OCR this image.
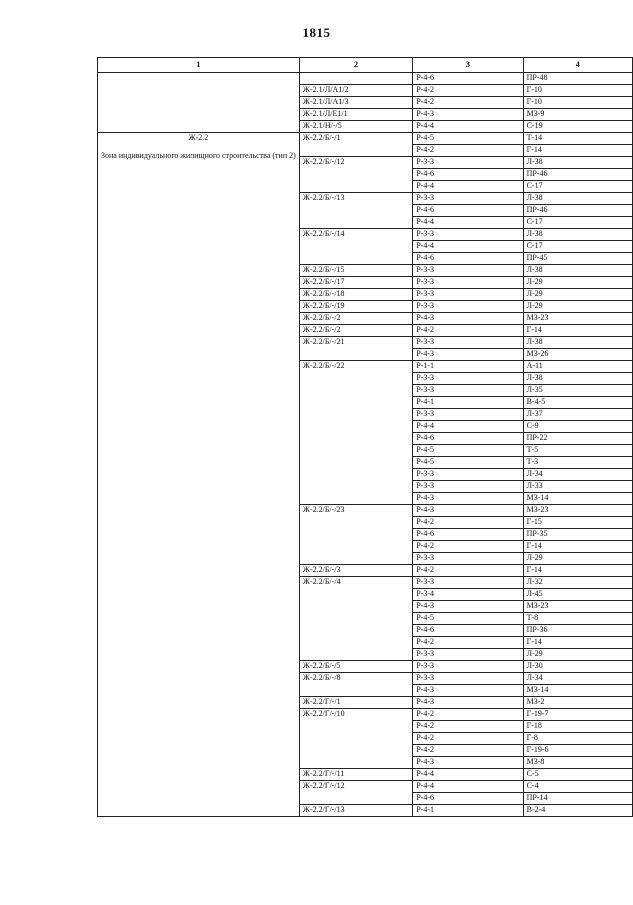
1815
1	2	3	4
		Р-4-6	ПР-48
	Ж-2.1/Л/А1/2	Р-4-2	Г-10
	Ж-2.1/Л/А1/3	Р-4-2	Г-10
	Ж-2.1/Л/Е1/1	Р-4-3	МЗ-9
	Ж-2.1/Н/-/5	Р-4-4	С-19

Ж-2.2
Зона индивидуального жилищного строительства (тип 2)	Ж-2.2/Б/-/1	Р-4-5	Т-14
		Р-4-2	Г-14
	Ж-2.2/Б/-/12	Р-3-3	Л-38
		Р-4-6	ПР-46
		Р-4-4	С-17
	Ж-2.2/Б/-/13	Р-3-3	Л-38
		Р-4-6	ПР-46
		Р-4-4	С-17
	Ж-2.2/Б/-/14	Р-3-3	Л-38
		Р-4-4	С-17
		Р-4-6	ПР-45
	Ж-2.2/Б/-/15	Р-3-3	Л-38
	Ж-2.2/Б/-/17	Р-3-3	Л-29
	Ж-2.2/Б/-/18	Р-3-3	Л-29
	Ж-2.2/Б/-/19	Р-3-3	Л-29
	Ж-2.2/Б/-/2	Р-4-3	МЗ-23
	Ж-2.2/Б/-/2	Р-4-2	Г-14
	Ж-2.2/Б/-/21	Р-3-3	Л-38
		Р-4-3	МЗ-26
	Ж-2.2/Б/-/22	Р-1-1	А-11
		Р-3-3	Л-38
		Р-3-3	Л-35
		Р-4-1	В-4-5
		Р-3-3	Л-37
		Р-4-4	С-9
		Р-4-6	ПР-22
		Р-4-5	Т-5
		Р-4-5	Т-3
		Р-3-3	Л-34
		Р-3-3	Л-33
		Р-4-3	МЗ-14
	Ж-2.2/Б/-/23	Р-4-3	МЗ-23
		Р-4-2	Г-15
		Р-4-6	ПР-35
		Р-4-2	Г-14
		Р-3-3	Л-29
	Ж-2.2/Б/-/3	Р-4-2	Г-14
	Ж-2.2/Б/-/4	Р-3-3	Л-32
		Р-3-4	Л-45
		Р-4-3	МЗ-23
		Р-4-5	Т-8
		Р-4-6	ПР-36
		Р-4-2	Г-14
		Р-3-3	Л-29
	Ж-2.2/Б/-/5	Р-3-3	Л-30
	Ж-2.2/Б/-/8	Р-3-3	Л-34
		Р-4-3	МЗ-14
	Ж-2.2/Г/-/1	Р-4-3	МЗ-2
	Ж-2.2/Г/-/10	Р-4-2	Г-19-7
		Р-4-2	Г-18
		Р-4-2	Г-8
		Р-4-2	Г-19-6
		Р-4-3	МЗ-8
	Ж-2.2/Г/-/11	Р-4-4	С-5
	Ж-2.2/Г/-/12	Р-4-4	С-4
		Р-4-6	ПР-14
	Ж-2.2/Г/-/13	Р-4-1	В-2-4
